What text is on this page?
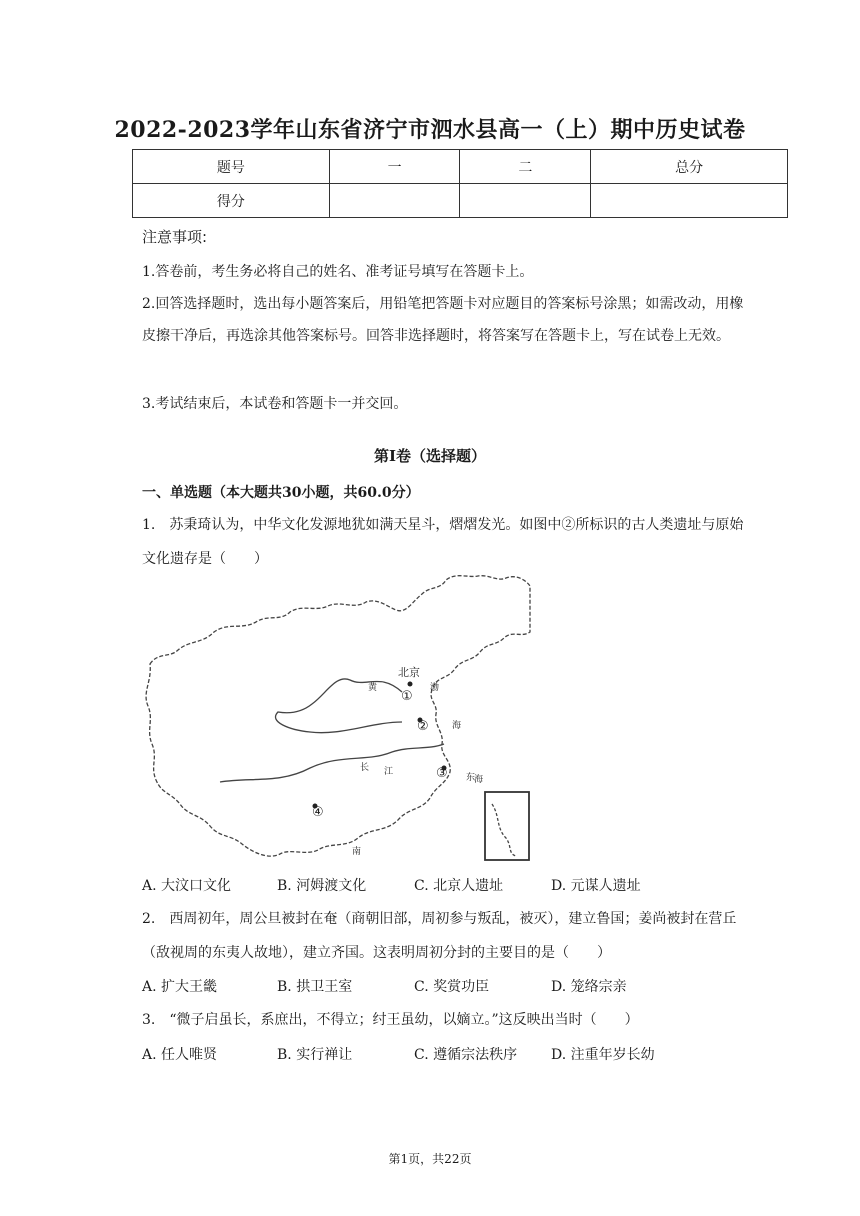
2022-2023学年山东省济宁市泗水县高一（上）期中历史试卷
题号	一	二	总分
得分			
注意事项:
1.答卷前，考生务必将自己的姓名、准考证号填写在答题卡上。
2.回答选择题时，选出每小题答案后，用铅笔把答题卡对应题目的答案标号涂黑；如需改动，用橡皮擦干净后，再选涂其他答案标号。回答非选择题时，将答案写在答题卡上，写在试卷上无效。
3.考试结束后，本试卷和答题卡一并交回。
第I卷（选择题）
一、单选题（本大题共30小题，共60.0分）
1.　苏秉琦认为，中华文化发源地犹如满天星斗，熠熠发光。如图中②所标识的古人类遗址与原始文化遗存是（　　）
北京
①
②
③
④
黄	渤
海
长 江
东
海
南
A. 大汶口文化	B. 河姆渡文化	C. 北京人遗址	D. 元谋人遗址
2.　西周初年，周公旦被封在奄（商朝旧部，周初参与叛乱，被灭），建立鲁国；姜尚被封在营丘（敌视周的东夷人故地），建立齐国。这表明周初分封的主要目的是（　　）
A. 扩大王畿	B. 拱卫王室	C. 奖赏功臣	D. 笼络宗亲
3.　“微子启虽长，系庶出，不得立；纣王虽幼，以嫡立。”这反映出当时（　　）
A. 任人唯贤	B. 实行禅让	C. 遵循宗法秩序	D. 注重年岁长幼
第1页，共22页
